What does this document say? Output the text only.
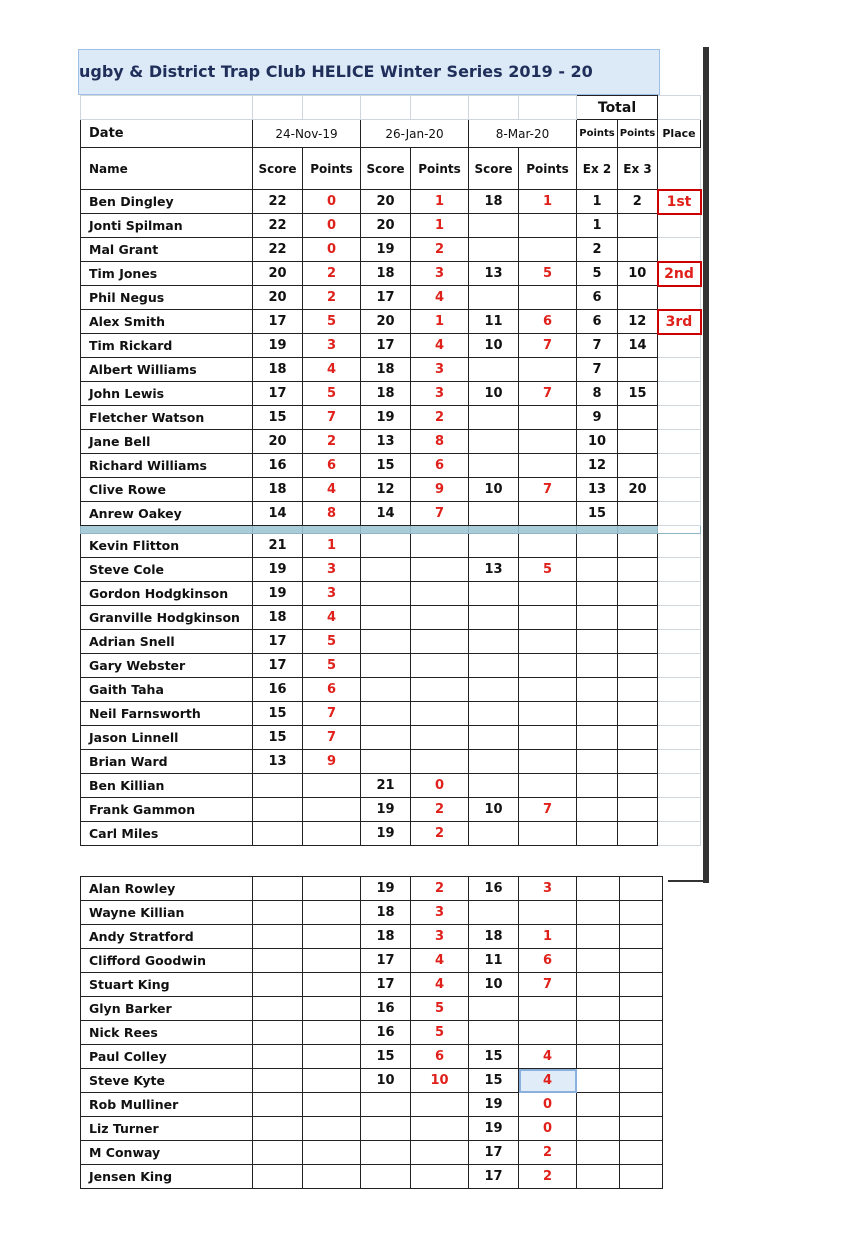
ugby & District Trap Club HELICE Winter Series 2019 - 20
							Total		
Date	24-Nov-19		26-Jan-20		8-Mar-20		Points	Points	Place
Name	Score	Points	Score	Points	Score	Points	Ex 2	Ex 3	
Ben Dingley	22	0	20	1	18	1	1	2	1st
Jonti Spilman	22	0	20	1			1		
Mal Grant	22	0	19	2			2		
Tim Jones	20	2	18	3	13	5	5	10	2nd
Phil Negus	20	2	17	4			6		
Alex Smith	17	5	20	1	11	6	6	12	3rd
Tim Rickard	19	3	17	4	10	7	7	14	
Albert Williams	18	4	18	3			7		
John Lewis	17	5	18	3	10	7	8	15	
Fletcher Watson	15	7	19	2			9		
Jane Bell	20	2	13	8			10		
Richard Williams	16	6	15	6			12		
Clive Rowe	18	4	12	9	10	7	13	20	
Anrew Oakey	14	8	14	7			15		

Kevin Flitton	21	1							
Steve Cole	19	3			13	5			
Gordon Hodgkinson	19	3							
Granville Hodgkinson	18	4							
Adrian Snell	17	5							
Gary Webster	17	5							
Gaith Taha	16	6							
Neil Farnsworth	15	7							
Jason Linnell	15	7							
Brian Ward	13	9							
Ben Killian			21	0					
Frank Gammon			19	2	10	7			
Carl Miles			19	2					
Alan Rowley			19	2	16	3		
Wayne Killian			18	3				
Andy Stratford			18	3	18	1		
Clifford Goodwin			17	4	11	6		
Stuart King			17	4	10	7		
Glyn Barker			16	5				
Nick Rees			16	5				
Paul Colley			15	6	15	4		
Steve Kyte			10	10	15	4		
Rob Mulliner					19	0		
Liz Turner					19	0		
M Conway					17	2		
Jensen King					17	2		
